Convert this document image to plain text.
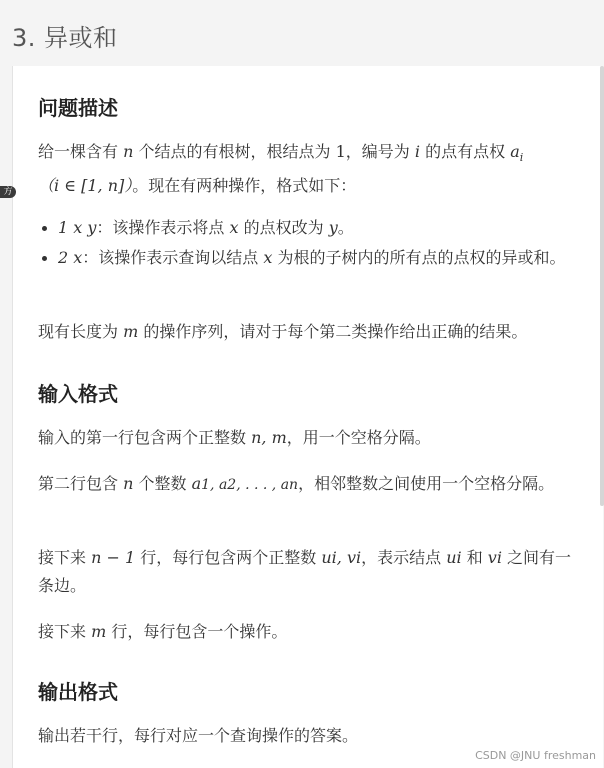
3. 异或和
方
问题描述
给一棵含有 n 个结点的有根树，根结点为 1，编号为 i 的点有点权 $a_i$
（i ∈ [1, n]）。现在有两种操作，格式如下：
1 x y：该操作表示将点 x 的点权改为 y。
2 x：该操作表示查询以结点 x 为根的子树内的所有点的点权的异或和。
现有长度为 m 的操作序列，请对于每个第二类操作给出正确的结果。
输入格式
输入的第一行包含两个正整数 n, m，用一个空格分隔。
第二行包含 n 个整数 a1, a2, . . . , an，相邻整数之间使用一个空格分隔。
接下来 n − 1 行，每行包含两个正整数 ui, vi，表示结点 ui 和 vi 之间有一条边。
接下来 m 行，每行包含一个操作。
输出格式
输出若干行，每行对应一个查询操作的答案。
CSDN @JNU freshman
